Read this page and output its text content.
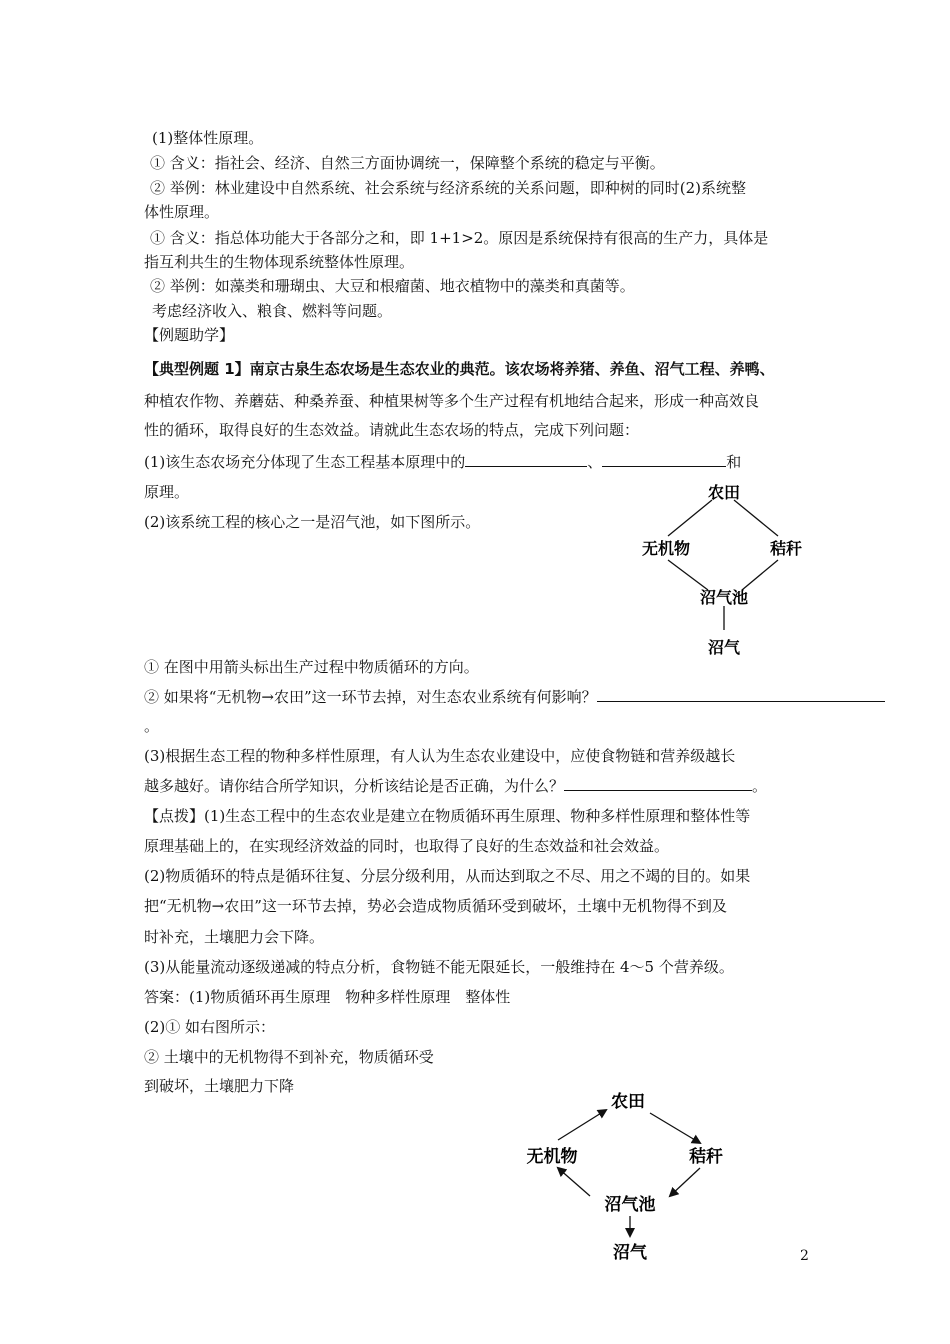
(1)整体性原理。
① 含义：指社会、经济、自然三方面协调统一，保障整个系统的稳定与平衡。
② 举例：林业建设中自然系统、社会系统与经济系统的关系问题，即种树的同时(2)系统整
体性原理。
① 含义：指总体功能大于各部分之和，即 1+1>2。原因是系统保持有很高的生产力，具体是
指互利共生的生物体现系统整体性原理。
② 举例：如藻类和珊瑚虫、大豆和根瘤菌、地衣植物中的藻类和真菌等。
考虑经济收入、粮食、燃料等问题。
【例题助学】
【典型例题 1】南京古泉生态农场是生态农业的典范。该农场将养猪、养鱼、沼气工程、养鸭、
种植农作物、养蘑菇、种桑养蚕、种植果树等多个生产过程有机地结合起来，形成一种高效良
性的循环，取得良好的生态效益。请就此生态农场的特点，完成下列问题：
(1)该生态农场充分体现了生态工程基本原理中的	、	和
原理。
(2)该系统工程的核心之一是沼气池，如下图所示。
① 在图中用箭头标出生产过程中物质循环的方向。
② 如果将“无机物→农田”这一环节去掉，对生态农业系统有何影响？
。
(3)根据生态工程的物种多样性原理，有人认为生态农业建设中，应使食物链和营养级越长
越多越好。请你结合所学知识，分析该结论是否正确，为什么？	。
【点拨】(1)生态工程中的生态农业是建立在物质循环再生原理、物种多样性原理和整体性等
原理基础上的，在实现经济效益的同时，也取得了良好的生态效益和社会效益。
(2)物质循环的特点是循环往复、分层分级利用，从而达到取之不尽、用之不竭的目的。如果
把“无机物→农田”这一环节去掉，势必会造成物质循环受到破坏，土壤中无机物得不到及
时补充，土壤肥力会下降。
(3)从能量流动逐级递减的特点分析，食物链不能无限延长，一般维持在 4～5 个营养级。
答案：(1)物质循环再生原理　物种多样性原理　整体性
(2)① 如右图所示：
② 土壤中的无机物得不到补充，物质循环受
到破坏，土壤肥力下降
农田
无机物	秸秆
沼气池
沼气
农田
无机物	秸秆
沼气池
沼气	2
